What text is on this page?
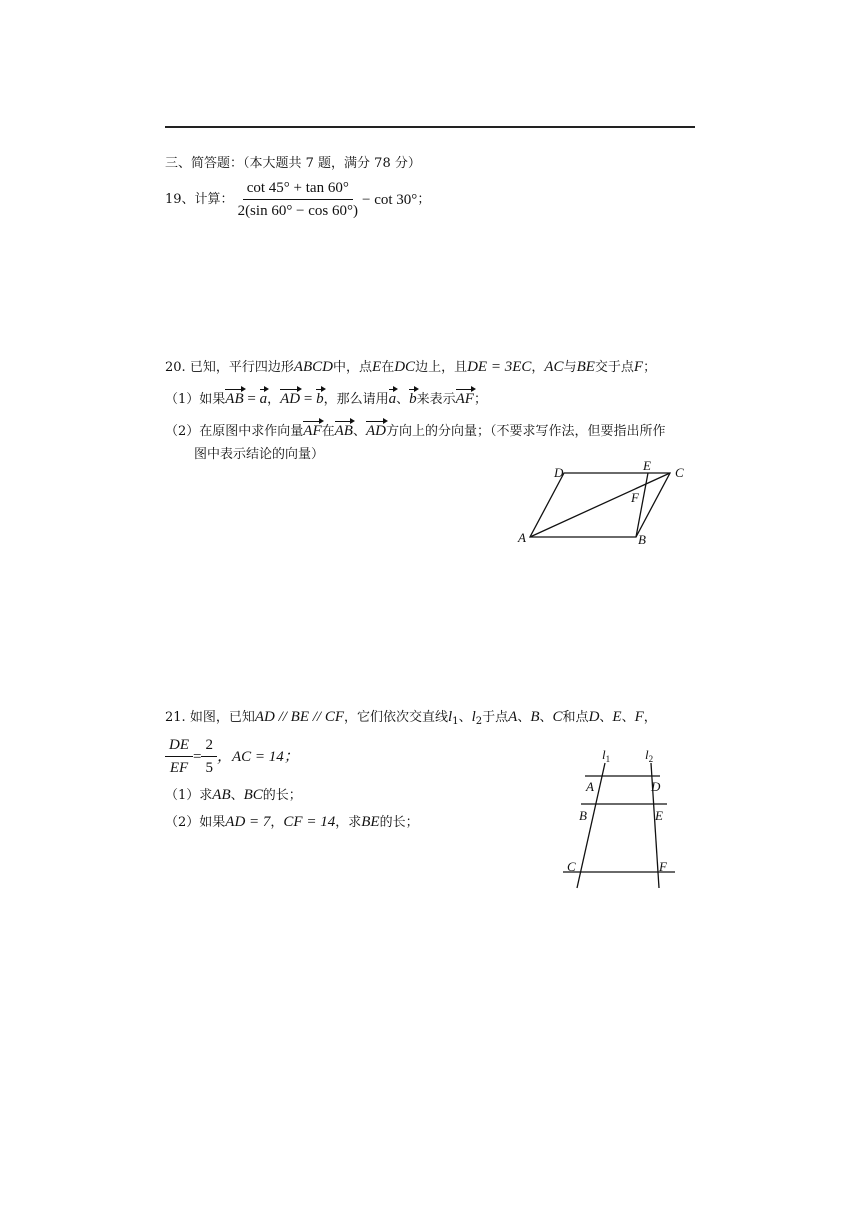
三、简答题：（本大题共 7 题，满分 78 分）
19、 计算： $\frac{\cot 45^\circ + \tan 60^\circ}{2(\sin 60^\circ - \cos 60^\circ)} - \cot 30^\circ$ ；
20. 已知，平行四边形ABCD中，点E在DC边上，且DE = 3EC，AC与BE交于点F；
（1）如果AB = a，AD = b，那么请用a、b来表示AF；
（2）在原图中求作向量AF在AB、AD方向上的分向量；（不要求写作法，但要指出所作
图中表示结论的向量）
A	B
C
D	E
F
21. 如图，已知AD // BE // CF，它们依次交直线$l_1$、$l_2$于点A、B、C和点D、E、F，
$\frac{DE}{EF} = \frac{2}{5}$ ，AC = 14；
（1）求AB、BC的长；
（2）如果AD = 7，CF = 14，求BE的长；
$l_1$	$l_2$
A	D
B	E
C	F
